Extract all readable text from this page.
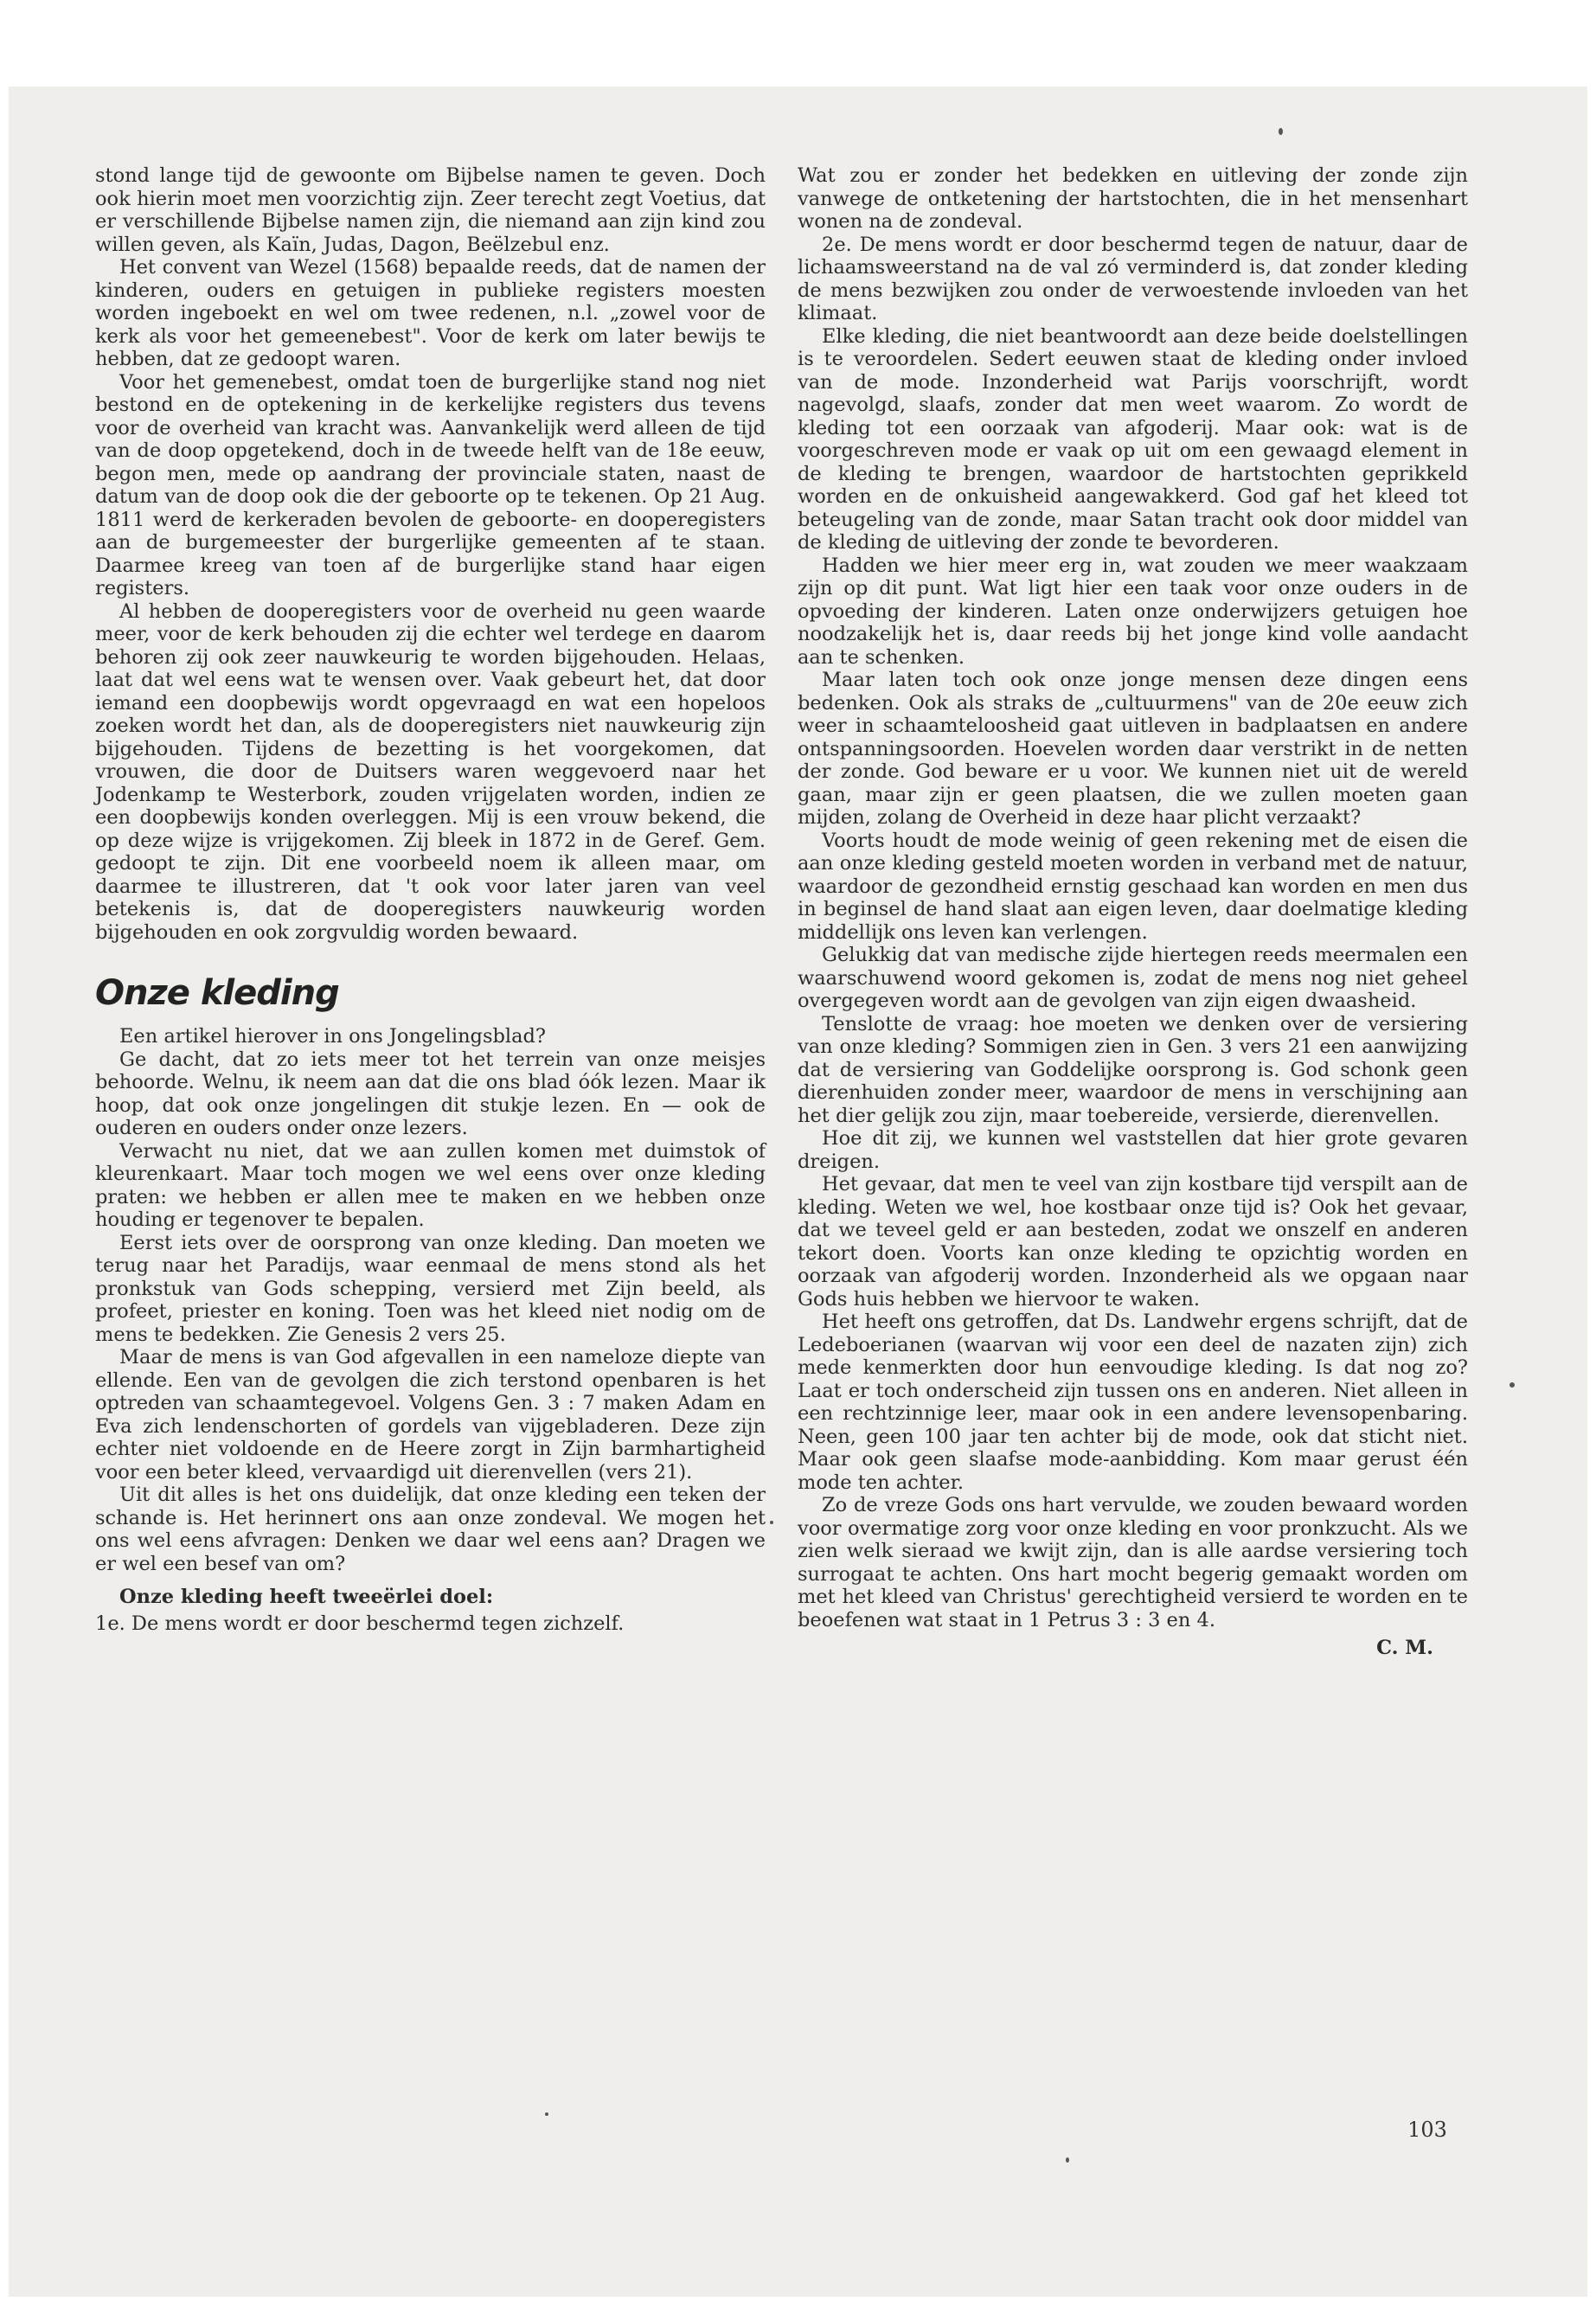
stond lange tijd de gewoonte om Bijbelse namen te geven. Doch ook hierin moet men voorzichtig zijn. Zeer terecht zegt Voetius, dat er verschillende Bijbelse namen zijn, die niemand aan zijn kind zou willen geven, als Kaïn, Judas, Dagon, Beëlzebul enz.

Het convent van Wezel (1568) bepaalde reeds, dat de namen der kinderen, ouders en getuigen in publieke registers moesten worden ingeboekt en wel om twee redenen, n.l. „zowel voor de kerk als voor het gemeenebest". Voor de kerk om later bewijs te hebben, dat ze gedoopt waren.

Voor het gemenebest, omdat toen de burgerlijke stand nog niet bestond en de optekening in de kerkelijke registers dus tevens voor de overheid van kracht was. Aanvankelijk werd alleen de tijd van de doop opgetekend, doch in de tweede helft van de 18e eeuw, begon men, mede op aandrang der provinciale staten, naast de datum van de doop ook die der geboorte op te tekenen. Op 21 Aug. 1811 werd de kerkeraden bevolen de geboorte- en dooperegisters aan de burgemeester der burgerlijke gemeenten af te staan. Daarmee kreeg van toen af de burgerlijke stand haar eigen registers.

Al hebben de dooperegisters voor de overheid nu geen waarde meer, voor de kerk behouden zij die echter wel terdege en daarom behoren zij ook zeer nauwkeurig te worden bijgehouden. Helaas, laat dat wel eens wat te wensen over. Vaak gebeurt het, dat door iemand een doopbewijs wordt opgevraagd en wat een hopeloos zoeken wordt het dan, als de dooperegisters niet nauwkeurig zijn bijgehouden. Tijdens de bezetting is het voorgekomen, dat vrouwen, die door de Duitsers waren weggevoerd naar het Jodenkamp te Westerbork, zouden vrijgelaten worden, indien ze een doopbewijs konden overleggen. Mij is een vrouw bekend, die op deze wijze is vrijgekomen. Zij bleek in 1872 in de Geref. Gem. gedoopt te zijn. Dit ene voorbeeld noem ik alleen maar, om daarmee te illustreren, dat 't ook voor later jaren van veel betekenis is, dat de dooperegisters nauwkeurig worden bijgehouden en ook zorgvuldig worden bewaard.

Onze kleding

Een artikel hierover in ons Jongelingsblad?

Ge dacht, dat zo iets meer tot het terrein van onze meisjes behoorde. Welnu, ik neem aan dat die ons blad óók lezen. Maar ik hoop, dat ook onze jongelingen dit stukje lezen. En — ook de ouderen en ouders onder onze lezers.

Verwacht nu niet, dat we aan zullen komen met duimstok of kleurenkaart. Maar toch mogen we wel eens over onze kleding praten: we hebben er allen mee te maken en we hebben onze houding er tegenover te bepalen.

Eerst iets over de oorsprong van onze kleding. Dan moeten we terug naar het Paradijs, waar eenmaal de mens stond als het pronkstuk van Gods schepping, versierd met Zijn beeld, als profeet, priester en koning. Toen was het kleed niet nodig om de mens te bedekken. Zie Genesis 2 vers 25.

Maar de mens is van God afgevallen in een nameloze diepte van ellende. Een van de gevolgen die zich terstond openbaren is het optreden van schaamtegevoel. Volgens Gen. 3 : 7 maken Adam en Eva zich lendenschorten of gordels van vijgebladeren. Deze zijn echter niet voldoende en de Heere zorgt in Zijn barmhartigheid voor een beter kleed, vervaardigd uit dierenvellen (vers 21).

Uit dit alles is het ons duidelijk, dat onze kleding een teken der schande is. Het herinnert ons aan onze zondeval. We mogen het ons wel eens afvragen: Denken we daar wel eens aan? Dragen we er wel een besef van om?

Onze kleding heeft tweeërlei doel:

1e. De mens wordt er door beschermd tegen zichzelf.

Wat zou er zonder het bedekken en uitleving der zonde zijn vanwege de ontketening der hartstochten, die in het mensenhart wonen na de zondeval.

2e. De mens wordt er door beschermd tegen de natuur, daar de lichaamsweerstand na de val zó verminderd is, dat zonder kleding de mens bezwijken zou onder de verwoestende invloeden van het klimaat.

Elke kleding, die niet beantwoordt aan deze beide doelstellingen is te veroordelen. Sedert eeuwen staat de kleding onder invloed van de mode. Inzonderheid wat Parijs voorschrijft, wordt nagevolgd, slaafs, zonder dat men weet waarom. Zo wordt de kleding tot een oorzaak van afgoderij. Maar ook: wat is de voorgeschreven mode er vaak op uit om een gewaagd element in de kleding te brengen, waardoor de hartstochten geprikkeld worden en de onkuisheid aangewakkerd. God gaf het kleed tot beteugeling van de zonde, maar Satan tracht ook door middel van de kleding de uitleving der zonde te bevorderen.

Hadden we hier meer erg in, wat zouden we meer waakzaam zijn op dit punt. Wat ligt hier een taak voor onze ouders in de opvoeding der kinderen. Laten onze onderwijzers getuigen hoe noodzakelijk het is, daar reeds bij het jonge kind volle aandacht aan te schenken.

Maar laten toch ook onze jonge mensen deze dingen eens bedenken. Ook als straks de „cultuurmens" van de 20e eeuw zich weer in schaamteloosheid gaat uitleven in badplaatsen en andere ontspanningsoorden. Hoevelen worden daar verstrikt in de netten der zonde. God beware er u voor. We kunnen niet uit de wereld gaan, maar zijn er geen plaatsen, die we zullen moeten gaan mijden, zolang de Overheid in deze haar plicht verzaakt?

Voorts houdt de mode weinig of geen rekening met de eisen die aan onze kleding gesteld moeten worden in verband met de natuur, waardoor de gezondheid ernstig geschaad kan worden en men dus in beginsel de hand slaat aan eigen leven, daar doelmatige kleding middellijk ons leven kan verlengen.

Gelukkig dat van medische zijde hiertegen reeds meermalen een waarschuwend woord gekomen is, zodat de mens nog niet geheel overgegeven wordt aan de gevolgen van zijn eigen dwaasheid.

Tenslotte de vraag: hoe moeten we denken over de versiering van onze kleding? Sommigen zien in Gen. 3 vers 21 een aanwijzing dat de versiering van Goddelijke oorsprong is. God schonk geen dierenhuiden zonder meer, waardoor de mens in verschijning aan het dier gelijk zou zijn, maar toebereide, versierde, dierenvellen.

Hoe dit zij, we kunnen wel vaststellen dat hier grote gevaren dreigen.

Het gevaar, dat men te veel van zijn kostbare tijd verspilt aan de kleding. Weten we wel, hoe kostbaar onze tijd is? Ook het gevaar, dat we teveel geld er aan besteden, zodat we onszelf en anderen tekort doen. Voorts kan onze kleding te opzichtig worden en oorzaak van afgoderij worden. Inzonderheid als we opgaan naar Gods huis hebben we hiervoor te waken.

Het heeft ons getroffen, dat Ds. Landwehr ergens schrijft, dat de Ledeboerianen (waarvan wij voor een deel de nazaten zijn) zich mede kenmerkten door hun eenvoudige kleding. Is dat nog zo? Laat er toch onderscheid zijn tussen ons en anderen. Niet alleen in een rechtzinnige leer, maar ook in een andere levensopenbaring. Neen, geen 100 jaar ten achter bij de mode, ook dat sticht niet. Maar ook geen slaafse mode-aanbidding. Kom maar gerust één mode ten achter.

Zo de vreze Gods ons hart vervulde, we zouden bewaard worden voor overmatige zorg voor onze kleding en voor pronkzucht. Als we zien welk sieraad we kwijt zijn, dan is alle aardse versiering toch surrogaat te achten. Ons hart mocht begerig gemaakt worden om met het kleed van Christus' gerechtigheid versierd te worden en te beoefenen wat staat in 1 Petrus 3 : 3 en 4.

C. M.

103
